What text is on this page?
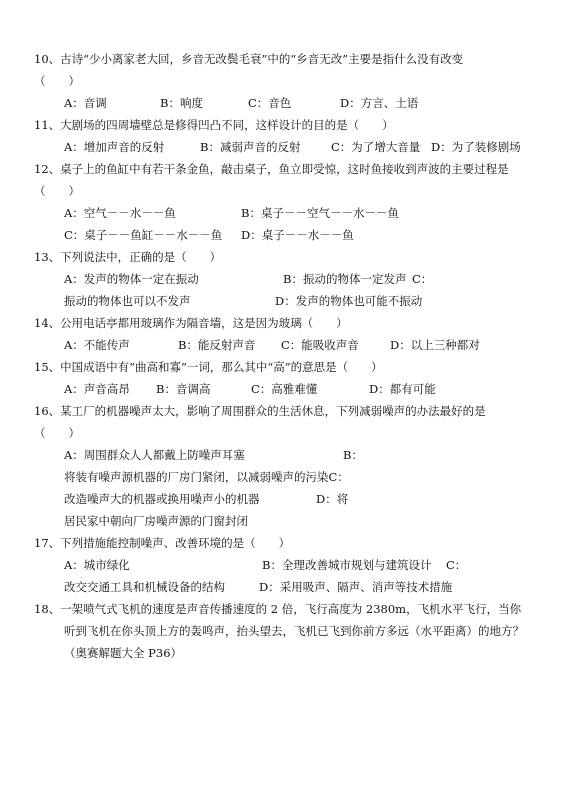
10、古诗“少小离家老大回，乡音无改鬓毛衰”中的“乡音无改”主要是指什么没有改变
（　　）
A：音调	B：响度	C：音色	D：方言、土语
11、大剧场的四周墙壁总是修得凹凸不同，这样设计的目的是（　　）
A：增加声音的反射	B：减弱声音的反射	C：为了增大音量 D：为了装修剧场
12、桌子上的鱼缸中有若干条金鱼，敲击桌子，鱼立即受惊，这时鱼接收到声波的主要过程是
（　　）
A：空气－－水－－鱼	B：桌子－－空气－－水－－鱼
C：桌子－－鱼缸－－水－－鱼 D：桌子－－水－－鱼
13、下列说法中，正确的是（　　）
A：发声的物体一定在振动	B：振动的物体一定发声 C：
振动的物体也可以不发声	D：发声的物体也可能不振动
14、公用电话亭都用玻璃作为隔音墙，这是因为玻璃（　　）
A：不能传声	B：能反射声音 C：能吸收声音	D：以上三种都对
15、中国成语中有“曲高和寡”一词，那么其中“高”的意思是（　　）
A：声音高昂 B：音调高	C：高雅难懂	D：都有可能
16、某工厂的机器噪声太大，影响了周围群众的生活休息，下列减弱噪声的办法最好的是
（　　）
A：周围群众人人都戴上防噪声耳塞	B：
将装有噪声源机器的厂房门紧闭，以减弱噪声的污染C：
改造噪声大的机器或换用噪声小的机器	D：将
居民家中朝向厂房噪声源的门窗封闭
17、下列措施能控制噪声、改善环境的是（　　）
A：城市绿化	B：全理改善城市规划与建筑设计 C：
改交交通工具和机械设备的结构	D：采用吸声、隔声、消声等技术措施
18、一架喷气式飞机的速度是声音传播速度的 2 倍，飞行高度为 2380m，飞机水平飞行，当你
听到飞机在你头顶上方的轰鸣声，抬头望去，飞机已飞到你前方多远（水平距离）的地方？
（奥赛解题大全 P36）
